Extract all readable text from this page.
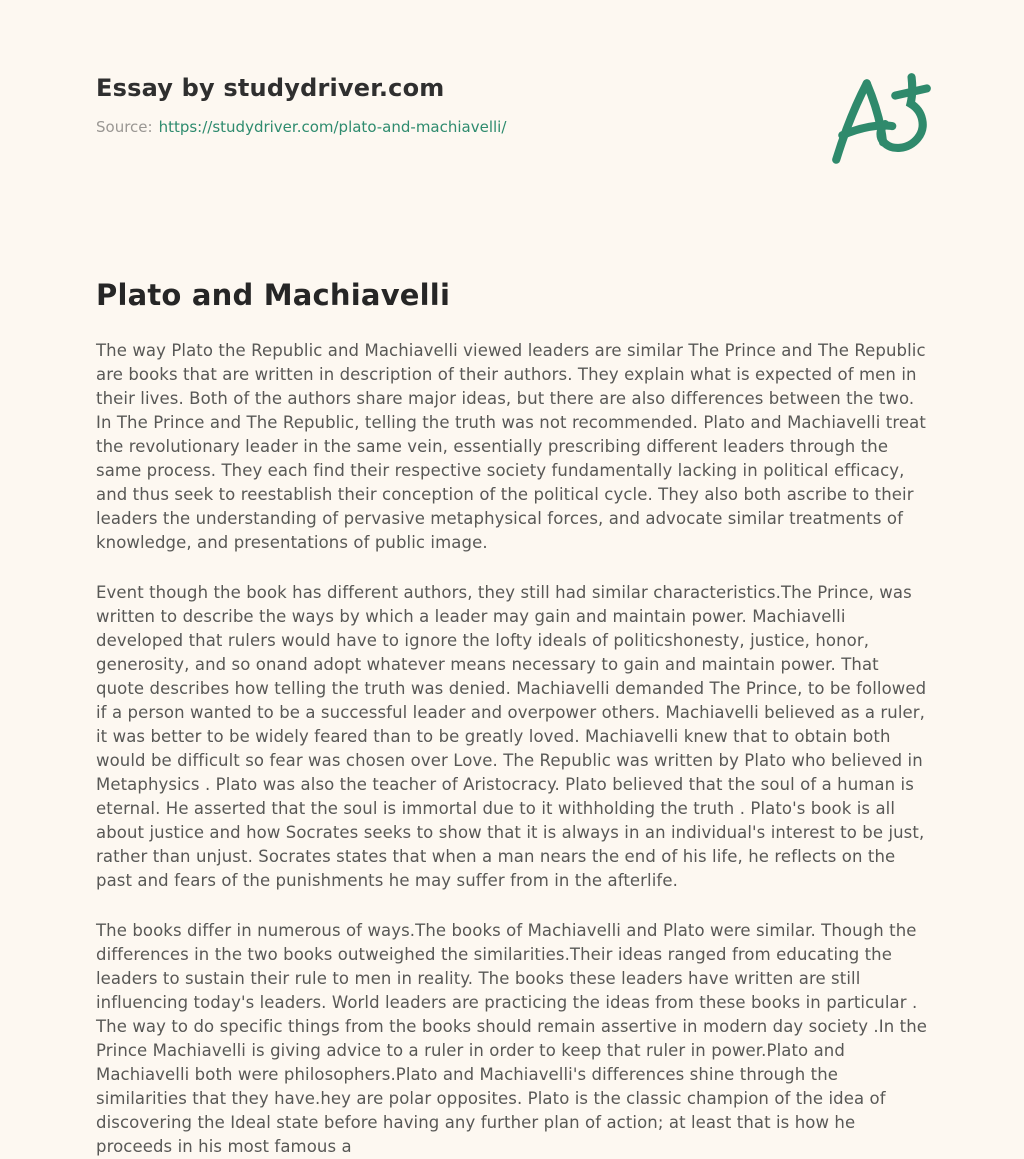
Essay by studydriver.com
Source: https://studydriver.com/plato-and-machiavelli/
Plato and Machiavelli

The way Plato the Republic and Machiavelli viewed leaders are similar The Prince and The Republic are books that are written in description of their authors. They explain what is expected of men in their lives. Both of the authors share major ideas, but there are also differences between the two. In The Prince and The Republic, telling the truth was not recommended. Plato and Machiavelli treat the revolutionary leader in the same vein, essentially prescribing different leaders through the same process. They each find their respective society fundamentally lacking in political efficacy, and thus seek to reestablish their conception of the political cycle. They also both ascribe to their leaders the understanding of pervasive metaphysical forces, and advocate similar treatments of knowledge, and presentations of public image.

Event though the book has different authors, they still had similar characteristics.The Prince, was written to describe the ways by which a leader may gain and maintain power. Machiavelli developed that rulers would have to ignore the lofty ideals of politicshonesty, justice, honor, generosity, and so onand adopt whatever means necessary to gain and maintain power. That quote describes how telling the truth was denied. Machiavelli demanded The Prince, to be followed if a person wanted to be a successful leader and overpower others. Machiavelli believed as a ruler, it was better to be widely feared than to be greatly loved. Machiavelli knew that to obtain both would be difficult so fear was chosen over Love. The Republic was written by Plato who believed in Metaphysics . Plato was also the teacher of Aristocracy. Plato believed that the soul of a human is eternal. He asserted that the soul is immortal due to it withholding the truth . Plato's book is all about justice and how Socrates seeks to show that it is always in an individual's interest to be just, rather than unjust. Socrates states that when a man nears the end of his life, he reflects on the past and fears of the punishments he may suffer from in the afterlife.

The books differ in numerous of ways.The books of Machiavelli and Plato were similar. Though the differences in the two books outweighed the similarities.Their ideas ranged from educating the leaders to sustain their rule to men in reality. The books these leaders have written are still influencing today's leaders. World leaders are practicing the ideas from these books in particular . The way to do specific things from the books should remain assertive in modern day society .In the Prince Machiavelli is giving advice to a ruler in order to keep that ruler in power.Plato and Machiavelli both were philosophers.Plato and Machiavelli's differences shine through the similarities that they have.hey are polar opposites. Plato is the classic champion of the idea of discovering the Ideal state before having any further plan of action; at least that is how he proceeds in his most famous a
